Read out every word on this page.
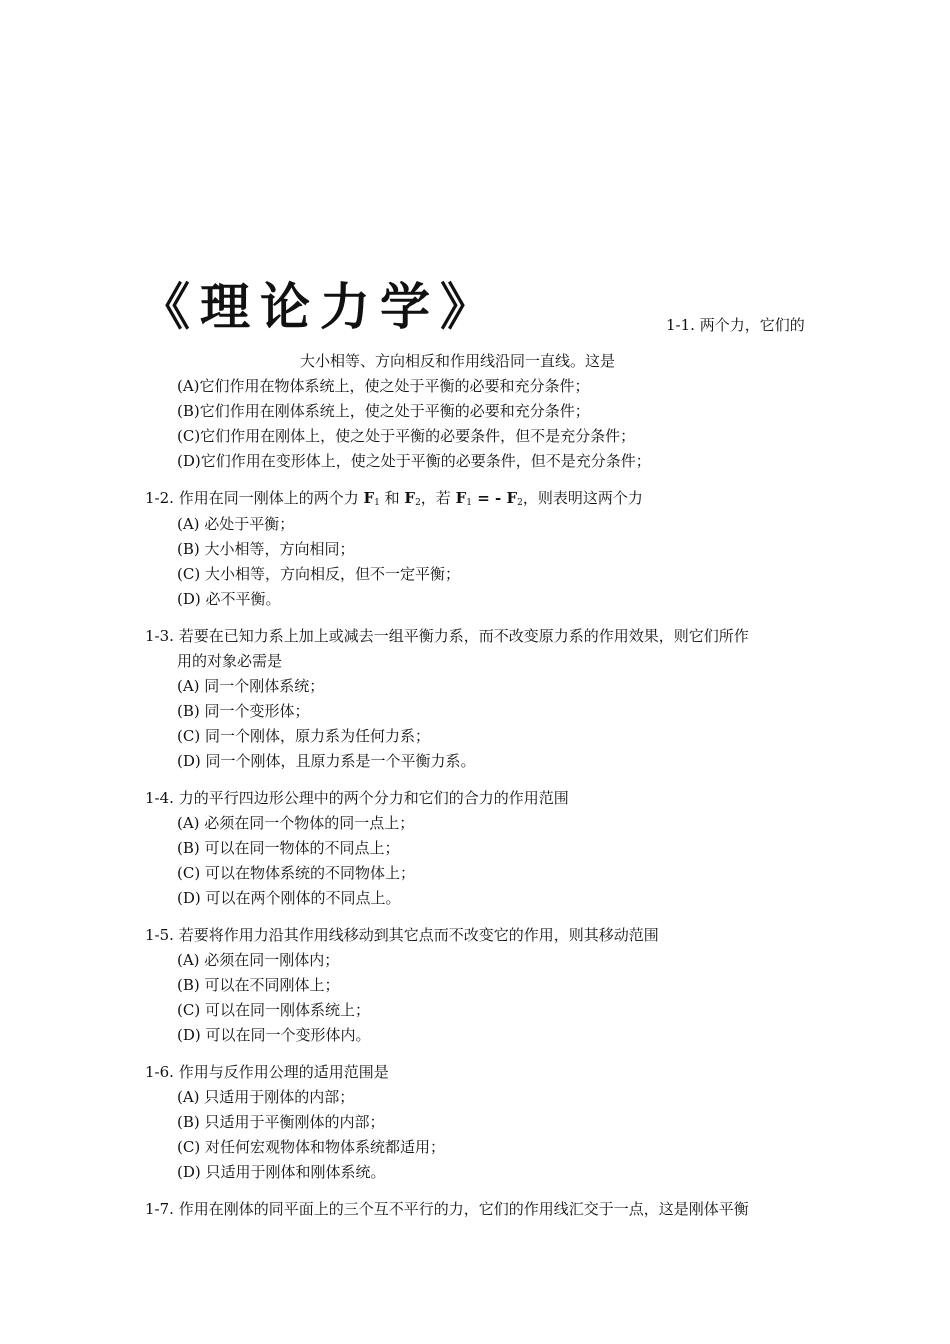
《理论力学》	1-1. 两个力，它们的
大小相等、方向相反和作用线沿同一直线。这是
(A)它们作用在物体系统上，使之处于平衡的必要和充分条件；
(B)它们作用在刚体系统上，使之处于平衡的必要和充分条件；
(C)它们作用在刚体上，使之处于平衡的必要条件，但不是充分条件；
(D)它们作用在变形体上，使之处于平衡的必要条件，但不是充分条件；
1-2. 作用在同一刚体上的两个力 $F_1$ 和 $F_2$，若 $F_1$ = - $F_2$，则表明这两个力
(A) 必处于平衡；
(B) 大小相等，方向相同；
(C) 大小相等，方向相反，但不一定平衡；
(D) 必不平衡。
1-3. 若要在已知力系上加上或减去一组平衡力系，而不改变原力系的作用效果，则它们所作
用的对象必需是
(A) 同一个刚体系统；
(B) 同一个变形体；
(C) 同一个刚体，原力系为任何力系；
(D) 同一个刚体，且原力系是一个平衡力系。
1-4. 力的平行四边形公理中的两个分力和它们的合力的作用范围
(A) 必须在同一个物体的同一点上；
(B) 可以在同一物体的不同点上；
(C) 可以在物体系统的不同物体上；
(D) 可以在两个刚体的不同点上。
1-5. 若要将作用力沿其作用线移动到其它点而不改变它的作用，则其移动范围
(A) 必须在同一刚体内；
(B) 可以在不同刚体上；
(C) 可以在同一刚体系统上；
(D) 可以在同一个变形体内。
1-6. 作用与反作用公理的适用范围是
(A) 只适用于刚体的内部；
(B) 只适用于平衡刚体的内部；
(C) 对任何宏观物体和物体系统都适用；
(D) 只适用于刚体和刚体系统。
1-7. 作用在刚体的同平面上的三个互不平行的力，它们的作用线汇交于一点，这是刚体平衡
